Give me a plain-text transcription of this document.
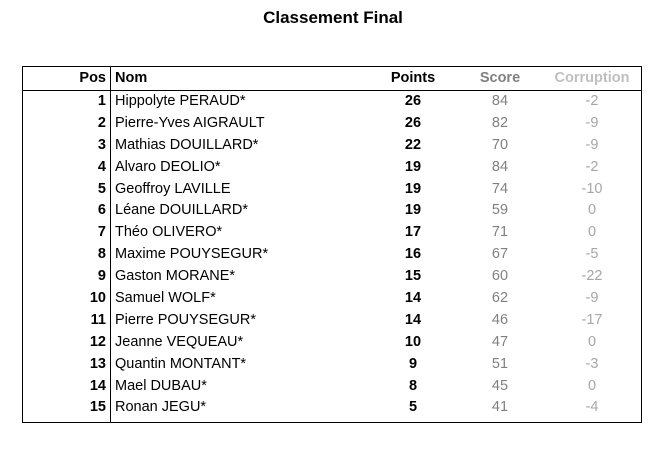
Classement Final
Pos Nom	Points	Score	Corruption
1 Hippolyte PERAUD*	26	84	-2
2 Pierre-Yves AIGRAULT	26	82	-9
3 Mathias DOUILLARD*	22	70	-9
4 Alvaro DEOLIO*	19	84	-2
5 Geoffroy LAVILLE	19	74	-10
6 Léane DOUILLARD*	19	59	0
7 Théo OLIVERO*	17	71	0
8 Maxime POUYSEGUR*	16	67	-5
9 Gaston MORANE*	15	60	-22
10 Samuel WOLF*	14	62	-9
11 Pierre POUYSEGUR*	14	46	-17
12 Jeanne VEQUEAU*	10	47	0
13 Quantin MONTANT*	9	51	-3
14 Mael DUBAU*	8	45	0
15 Ronan JEGU*	5	41	-4
